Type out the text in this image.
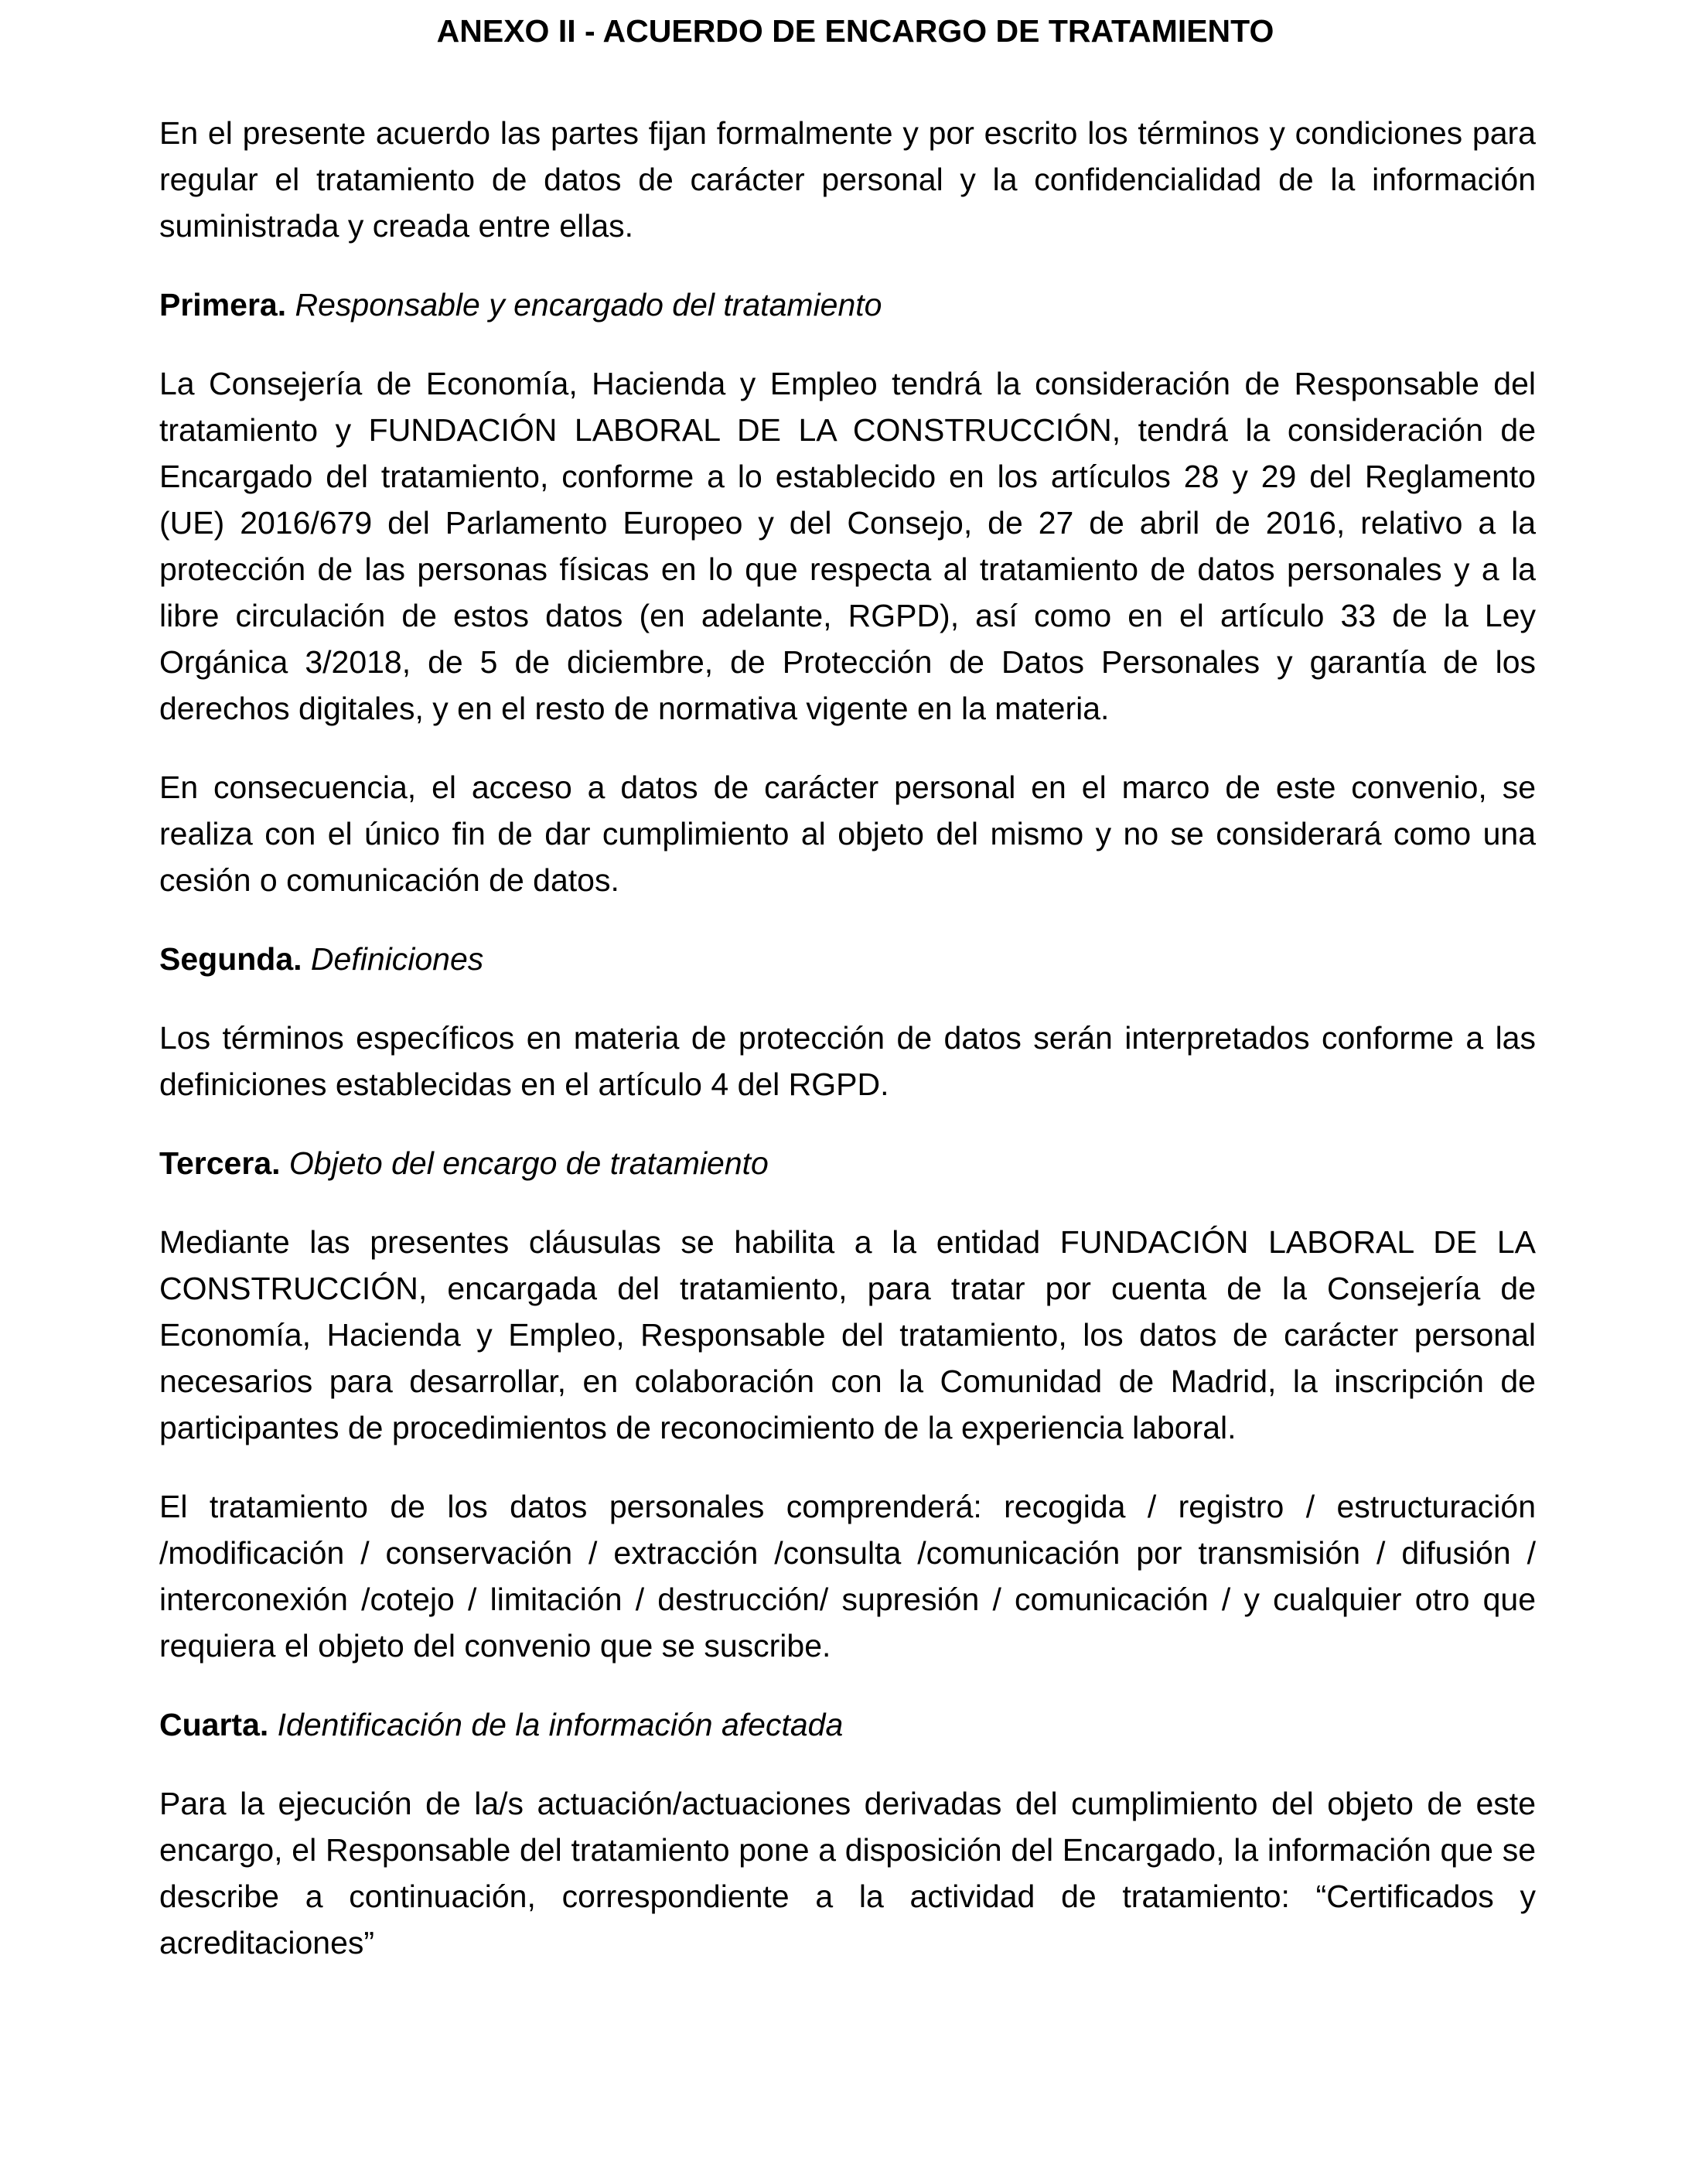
ANEXO II - ACUERDO DE ENCARGO DE TRATAMIENTO

En el presente acuerdo las partes fijan formalmente y por escrito los términos y condiciones para regular el tratamiento de datos de carácter personal y la confidencialidad de la información suministrada y creada entre ellas.

Primera. Responsable y encargado del tratamiento

La Consejería de Economía, Hacienda y Empleo tendrá la consideración de Responsable del tratamiento y FUNDACIÓN LABORAL DE LA CONSTRUCCIÓN, tendrá la consideración de Encargado del tratamiento, conforme a lo establecido en los artículos 28 y 29 del Reglamento (UE) 2016/679 del Parlamento Europeo y del Consejo, de 27 de abril de 2016, relativo a la protección de las personas físicas en lo que respecta al tratamiento de datos personales y a la libre circulación de estos datos (en adelante, RGPD), así como en el artículo 33 de la Ley Orgánica 3/2018, de 5 de diciembre, de Protección de Datos Personales y garantía de los derechos digitales, y en el resto de normativa vigente en la materia.

En consecuencia, el acceso a datos de carácter personal en el marco de este convenio, se realiza con el único fin de dar cumplimiento al objeto del mismo y no se considerará como una cesión o comunicación de datos.

Segunda. Definiciones

Los términos específicos en materia de protección de datos serán interpretados conforme a las definiciones establecidas en el artículo 4 del RGPD.

Tercera. Objeto del encargo de tratamiento

Mediante las presentes cláusulas se habilita a la entidad FUNDACIÓN LABORAL DE LA CONSTRUCCIÓN, encargada del tratamiento, para tratar por cuenta de la Consejería de Economía, Hacienda y Empleo, Responsable del tratamiento, los datos de carácter personal necesarios para desarrollar, en colaboración con la Comunidad de Madrid, la inscripción de participantes de procedimientos de reconocimiento de la experiencia laboral.

El tratamiento de los datos personales comprenderá: recogida / registro / estructuración /modificación / conservación / extracción /consulta /comunicación por transmisión / difusión / interconexión /cotejo / limitación / destrucción/ supresión / comunicación / y cualquier otro que requiera el objeto del convenio que se suscribe.

Cuarta. Identificación de la información afectada

Para la ejecución de la/s actuación/actuaciones derivadas del cumplimiento del objeto de este encargo, el Responsable del tratamiento pone a disposición del Encargado, la información que se describe a continuación, correspondiente a la actividad de tratamiento: “Certificados y acreditaciones”
